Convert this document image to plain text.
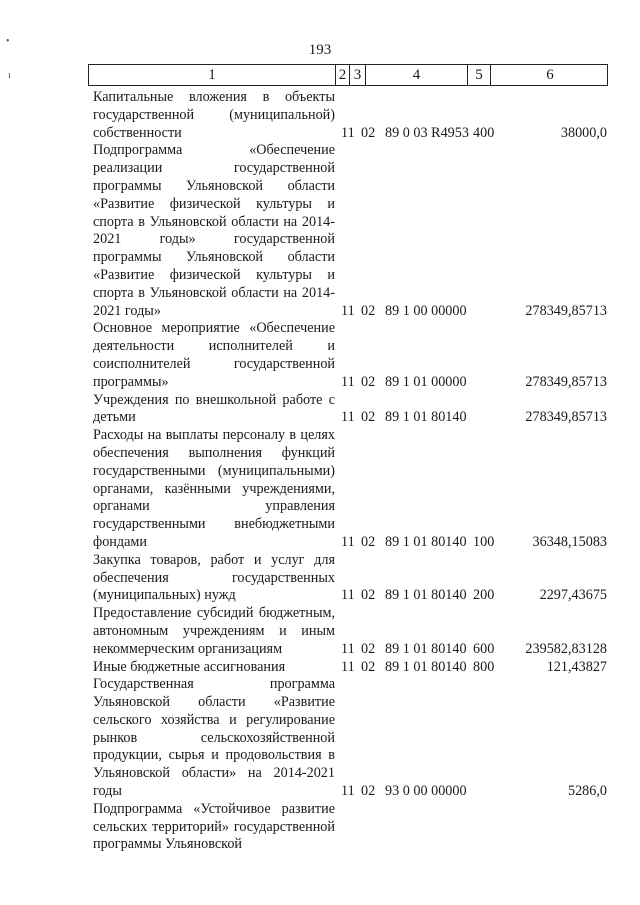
•
ı
193
1	2 3	4	5	6
Капитальные вложения в объекты государственной (муниципальной) собственности	11 02 89 0 03 R4953 400	38000,0
Подпрограмма «Обеспечение реализации государственной программы Ульяновской области «Развитие физической культуры и спорта в Ульяновской области на 2014-2021 годы» государственной программы Ульяновской области «Развитие физической культуры и спорта в Ульяновской области на 2014-2021 годы»	11 02 89 1 00 00000	278349,85713
Основное мероприятие «Обеспечение деятельности исполнителей и соисполнителей государственной программы»	11 02 89 1 01 00000	278349,85713
Учреждения по внешкольной работе с детьми	11 02 89 1 01 80140	278349,85713
Расходы на выплаты персоналу в целях обеспечения выполнения функций государственными (муниципальными) органами, казёнными учреждениями, органами управления государственными внебюджетными фондами	11 02 89 1 01 80140 100	36348,15083
Закупка товаров, работ и услуг для обеспечения государственных (муниципальных) нужд	11 02 89 1 01 80140 200	2297,43675
Предоставление субсидий бюджетным, автономным учреждениям и иным некоммерческим организациям	11 02 89 1 01 80140 600	239582,83128
Иные бюджетные ассигнования	11 02 89 1 01 80140 800	121,43827
Государственная программа Ульяновской области «Развитие сельского хозяйства и регулирование рынков сельскохозяйственной продукции, сырья и продовольствия в Ульяновской области» на 2014-2021 годы	11 02 93 0 00 00000	5286,0
Подпрограмма «Устойчивое развитие сельских территорий» государственной программы Ульяновской
